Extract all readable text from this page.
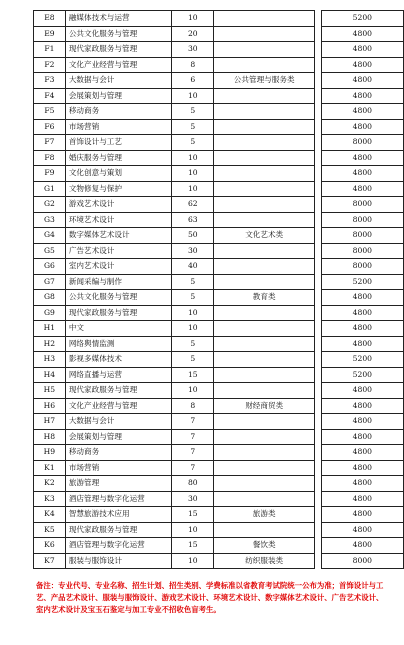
E8	融媒体技术与运营	10			5200
E9	公共文化服务与管理	20			4800
F1	现代家政服务与管理	30			4800
F2	文化产业经营与管理	8			4800
F3	大数据与会计	6	公共管理与服务类		4800
F4	会展策划与管理	10			4800
F5	移动商务	5			4800
F6	市场营销	5			4800
F7	首饰设计与工艺	5			8000
F8	婚庆服务与管理	10			4800
F9	文化创意与策划	10			4800
G1	文物修复与保护	10			4800
G2	游戏艺术设计	62			8000
G3	环境艺术设计	63			8000
G4	数字媒体艺术设计	50	文化艺术类		8000
G5	广告艺术设计	30			8000
G6	室内艺术设计	40			8000
G7	新闻采编与制作	5			5200
G8	公共文化服务与管理	5	教育类		4800
G9	现代家政服务与管理	10			4800
H1	中文	10			4800
H2	网络舆情监测	5			4800
H3	影视多媒体技术	5			5200
H4	网络直播与运营	15			5200
H5	现代家政服务与管理	10			4800
H6	文化产业经营与管理	8	财经商贸类		4800
H7	大数据与会计	7			4800
H8	会展策划与管理	7			4800
H9	移动商务	7			4800
K1	市场营销	7			4800
K2	旅游管理	80			4800
K3	酒店管理与数字化运营	30			4800
K4	智慧旅游技术应用	15	旅游类		4800
K5	现代家政服务与管理	10			4800
K6	酒店管理与数字化运营	15	餐饮类		4800
K7	服装与服饰设计	10	纺织服装类		8000
备注：专业代号、专业名称、招生计划、招生类别、学费标准以省教育考试院统一公布为准；首饰设计与工艺、产品艺术设计、服装与服饰设计、游戏艺术设计、环境艺术设计、数字媒体艺术设计、广告艺术设计、室内艺术设计及宝玉石鉴定与加工专业不招收色盲考生。
